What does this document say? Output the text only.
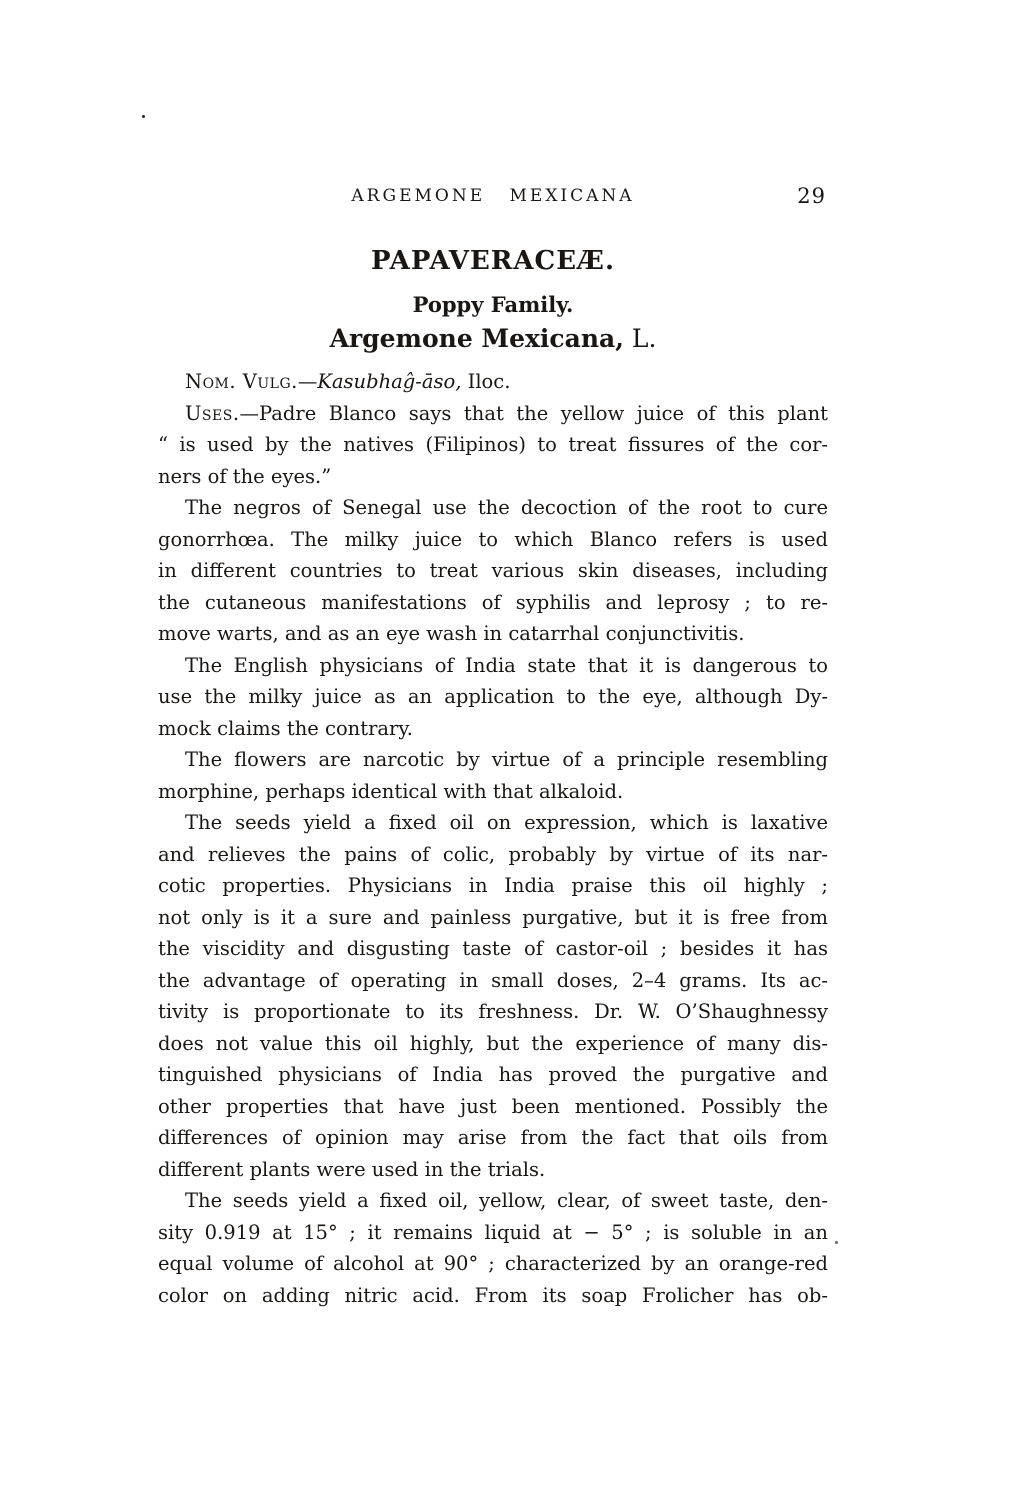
ARGEMONE MEXICANA	29
PAPAVERACEÆ.
Poppy Family.
Argemone Mexicana, L.
Nom. Vulg.—Kasubhaĝ-āso, Iloc.
Uses.—Padre Blanco says that the yellow juice of this plant
“ is used by the natives (Filipinos) to treat fissures of the cor-
ners of the eyes.”
The negros of Senegal use the decoction of the root to cure
gonorrhœa. The milky juice to which Blanco refers is used
in different countries to treat various skin diseases, including
the cutaneous manifestations of syphilis and leprosy ; to re-
move warts, and as an eye wash in catarrhal conjunctivitis.
The English physicians of India state that it is dangerous to
use the milky juice as an application to the eye, although Dy-
mock claims the contrary.
The flowers are narcotic by virtue of a principle resembling
morphine, perhaps identical with that alkaloid.
The seeds yield a fixed oil on expression, which is laxative
and relieves the pains of colic, probably by virtue of its nar-
cotic properties. Physicians in India praise this oil highly ;
not only is it a sure and painless purgative, but it is free from
the viscidity and disgusting taste of castor-oil ; besides it has
the advantage of operating in small doses, 2–4 grams. Its ac-
tivity is proportionate to its freshness. Dr. W. O’Shaughnessy
does not value this oil highly, but the experience of many dis-
tinguished physicians of India has proved the purgative and
other properties that have just been mentioned. Possibly the
differences of opinion may arise from the fact that oils from
different plants were used in the trials.
The seeds yield a fixed oil, yellow, clear, of sweet taste, den-
sity 0.919 at 15° ; it remains liquid at − 5° ; is soluble in an
equal volume of alcohol at 90° ; characterized by an orange-red
color on adding nitric acid. From its soap Frolicher has ob-
